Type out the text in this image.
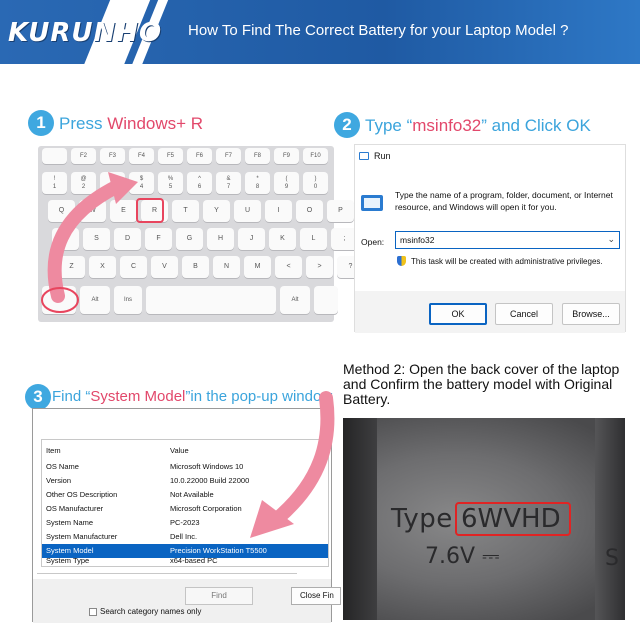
KURUNHO How To Find The Correct Battery for your Laptop Model ?
1 Press Windows+ R	2 Type “msinfo32” and Click OK
3 Find “System Model”in the pop-up window
F2	F3	F4	F5	F6	F7	F8	F9	F10
!
1
@
2
$
4
%
5
^
6
&
7
*
8
(
9
)
0
Q	W	E	R	T	Y	U	I	O	P
A	S	D	F	G	H	J	K	L	;
Z	X	C	V	B	N	M	<	>	?
⊞	Alt	Ins	Alt
Run
Type the name of a program, folder, document, or Internet resource, and Windows will open it for you.
Open:	msinfo32	⌄
This task will be created with administrative privileges.
OK	Cancel	Browse...
Item	Value
OS Name	Microsoft Windows 10
Version	10.0.22000 Build 22000
Other OS Description	Not Available
OS Manufacturer	Microsoft Corporation
System Name	PC-2023
System Manufacturer	Dell Inc.
System Model	Precision WorkStation T5500
System Type	x64-based PC
Find	Close Fin
Search category names only
Method 2: Open the back cover of the laptop and Confirm the battery model with Original Battery.
Type 6WVHD
7.6V ⎓	S
